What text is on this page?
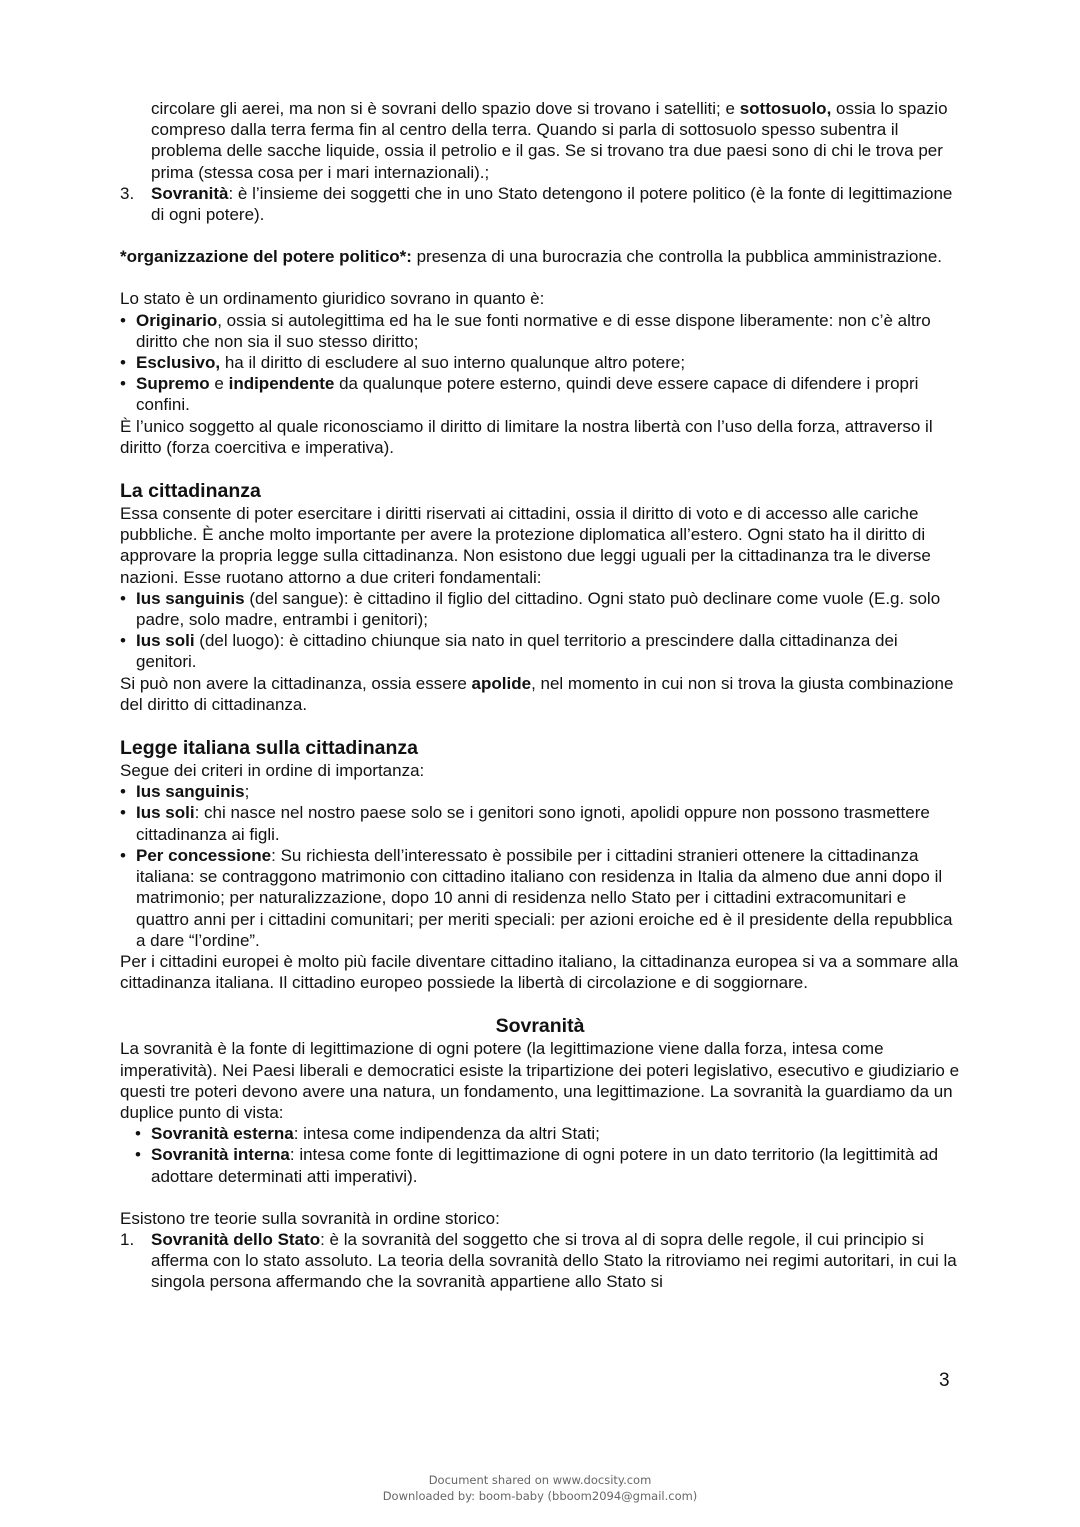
circolare gli aerei, ma non si è sovrani dello spazio dove si trovano i satelliti; e sottosuolo, ossia lo spazio compreso dalla terra ferma fin al centro della terra. Quando si parla di sottosuolo spesso subentra il problema delle sacche liquide, ossia il petrolio e il gas. Se si trovano tra due paesi sono di chi le trova per prima (stessa cosa per i mari internazionali).;
3. Sovranità: è l’insieme dei soggetti che in uno Stato detengono il potere politico (è la fonte di legittimazione di ogni potere).

*organizzazione del potere politico*: presenza di una burocrazia che controlla la pubblica amministrazione.

Lo stato è un ordinamento giuridico sovrano in quanto è:

• Originario, ossia si autolegittima ed ha le sue fonti normative e di esse dispone liberamente: non c’è altro diritto che non sia il suo stesso diritto;
• Esclusivo, ha il diritto di escludere al suo interno qualunque altro potere;
• Supremo e indipendente da qualunque potere esterno, quindi deve essere capace di difendere i propri confini.

È l’unico soggetto al quale riconosciamo il diritto di limitare la nostra libertà con l’uso della forza, attraverso il diritto (forza coercitiva e imperativa).

La cittadinanza

Essa consente di poter esercitare i diritti riservati ai cittadini, ossia il diritto di voto e di accesso alle cariche pubbliche. È anche molto importante per avere la protezione diplomatica all’estero. Ogni stato ha il diritto di approvare la propria legge sulla cittadinanza. Non esistono due leggi uguali per la cittadinanza tra le diverse nazioni. Esse ruotano attorno a due criteri fondamentali:

• Ius sanguinis (del sangue): è cittadino il figlio del cittadino. Ogni stato può declinare come vuole (E.g. solo padre, solo madre, entrambi i genitori);
• Ius soli (del luogo): è cittadino chiunque sia nato in quel territorio a prescindere dalla cittadinanza dei genitori.

Si può non avere la cittadinanza, ossia essere apolide, nel momento in cui non si trova la giusta combinazione del diritto di cittadinanza.

Legge italiana sulla cittadinanza

Segue dei criteri in ordine di importanza:

• Ius sanguinis;
• Ius soli: chi nasce nel nostro paese solo se i genitori sono ignoti, apolidi oppure non possono trasmettere cittadinanza ai figli.
• Per concessione: Su richiesta dell’interessato è possibile per i cittadini stranieri ottenere la cittadinanza italiana: se contraggono matrimonio con cittadino italiano con residenza in Italia da almeno due anni dopo il matrimonio; per naturalizzazione, dopo 10 anni di residenza nello Stato per i cittadini extracomunitari e quattro anni per i cittadini comunitari; per meriti speciali: per azioni eroiche ed è il presidente della repubblica a dare “l’ordine”.

Per i cittadini europei è molto più facile diventare cittadino italiano, la cittadinanza europea si va a sommare alla cittadinanza italiana. Il cittadino europeo possiede la libertà di circolazione e di soggiornare.

Sovranità

La sovranità è la fonte di legittimazione di ogni potere (la legittimazione viene dalla forza, intesa come imperatività). Nei Paesi liberali e democratici esiste la tripartizione dei poteri legislativo, esecutivo e giudiziario e questi tre poteri devono avere una natura, un fondamento, una legittimazione. La sovranità la guardiamo da un duplice punto di vista:

• Sovranità esterna: intesa come indipendenza da altri Stati;
• Sovranità interna: intesa come fonte di legittimazione di ogni potere in un dato territorio (la legittimità ad adottare determinati atti imperativi).

Esistono tre teorie sulla sovranità in ordine storico:

1. Sovranità dello Stato: è la sovranità del soggetto che si trova al di sopra delle regole, il cui principio si afferma con lo stato assoluto. La teoria della sovranità dello Stato la ritroviamo nei regimi autoritari, in cui la singola persona affermando che la sovranità appartiene allo Stato si
3
Document shared on www.docsity.com
Downloaded by: boom-baby (bboom2094@gmail.com)
